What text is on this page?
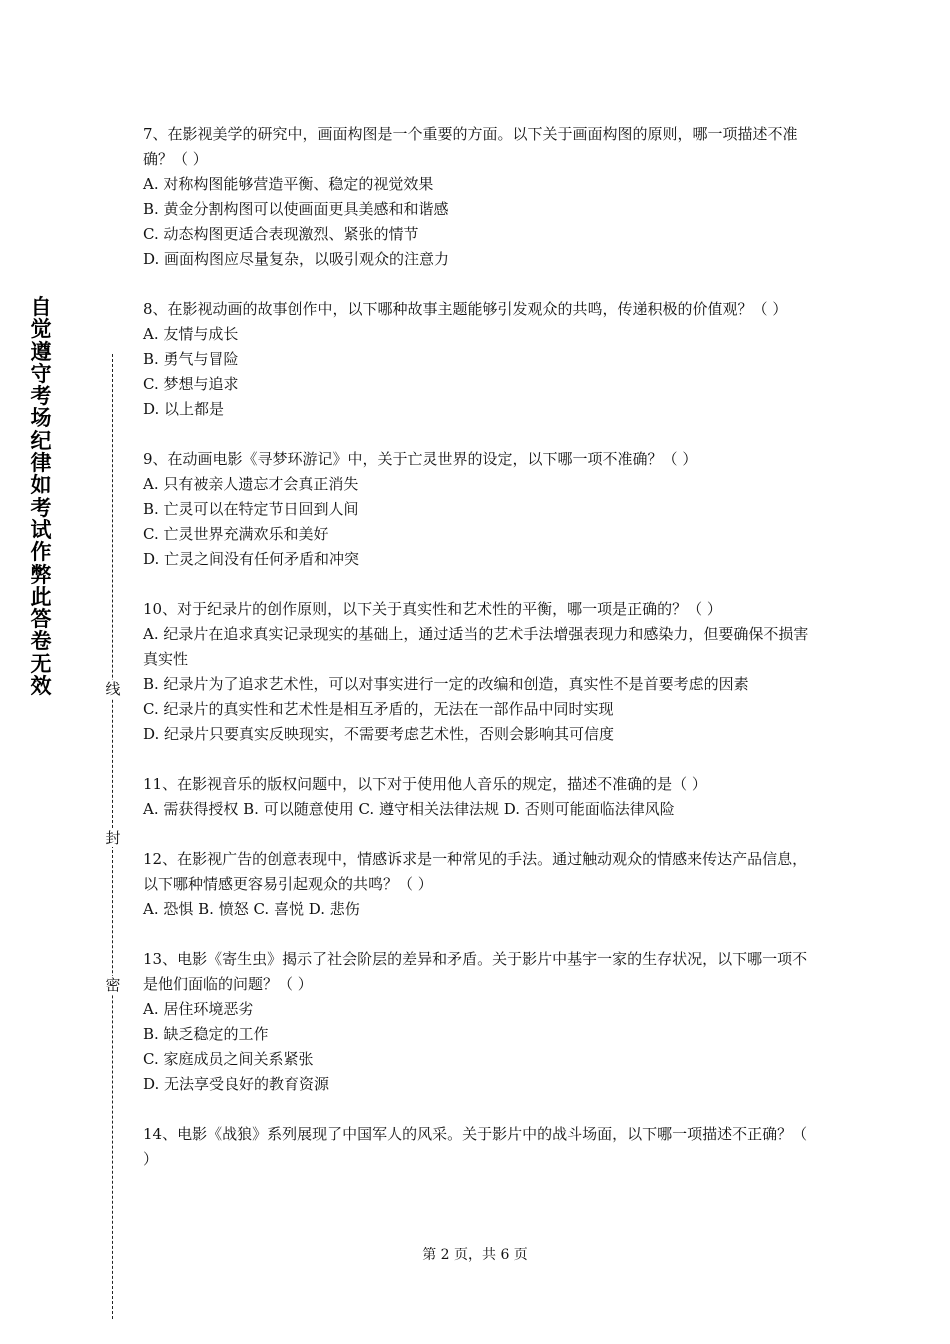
自觉遵守考场纪律如考试作弊此答卷无效	线
封
密

7、在影视美学的研究中，画面构图是一个重要的方面。以下关于画面构图的原则，哪一项描述不准确？（ ）

A. 对称构图能够营造平衡、稳定的视觉效果

B. 黄金分割构图可以使画面更具美感和和谐感

C. 动态构图更适合表现激烈、紧张的情节

D. 画面构图应尽量复杂，以吸引观众的注意力

8、在影视动画的故事创作中，以下哪种故事主题能够引发观众的共鸣，传递积极的价值观？（ ）

A. 友情与成长

B. 勇气与冒险

C. 梦想与追求

D. 以上都是

9、在动画电影《寻梦环游记》中，关于亡灵世界的设定，以下哪一项不准确？（ ）

A. 只有被亲人遗忘才会真正消失

B. 亡灵可以在特定节日回到人间

C. 亡灵世界充满欢乐和美好

D. 亡灵之间没有任何矛盾和冲突

10、对于纪录片的创作原则，以下关于真实性和艺术性的平衡，哪一项是正确的？（ ）

A. 纪录片在追求真实记录现实的基础上，通过适当的艺术手法增强表现力和感染力，但要确保不损害真实性

B. 纪录片为了追求艺术性，可以对事实进行一定的改编和创造，真实性不是首要考虑的因素

C. 纪录片的真实性和艺术性是相互矛盾的，无法在一部作品中同时实现

D. 纪录片只要真实反映现实，不需要考虑艺术性，否则会影响其可信度

11、在影视音乐的版权问题中，以下对于使用他人音乐的规定，描述不准确的是（ ）

A. 需获得授权 B. 可以随意使用 C. 遵守相关法律法规 D. 否则可能面临法律风险

12、在影视广告的创意表现中，情感诉求是一种常见的手法。通过触动观众的情感来传达产品信息，以下哪种情感更容易引起观众的共鸣？（ ）

A. 恐惧 B. 愤怒 C. 喜悦 D. 悲伤

13、电影《寄生虫》揭示了社会阶层的差异和矛盾。关于影片中基宇一家的生存状况，以下哪一项不是他们面临的问题？（ ）

A. 居住环境恶劣

B. 缺乏稳定的工作

C. 家庭成员之间关系紧张

D. 无法享受良好的教育资源

14、电影《战狼》系列展现了中国军人的风采。关于影片中的战斗场面，以下哪一项描述不正确？（ ）

第 2 页，共 6 页
